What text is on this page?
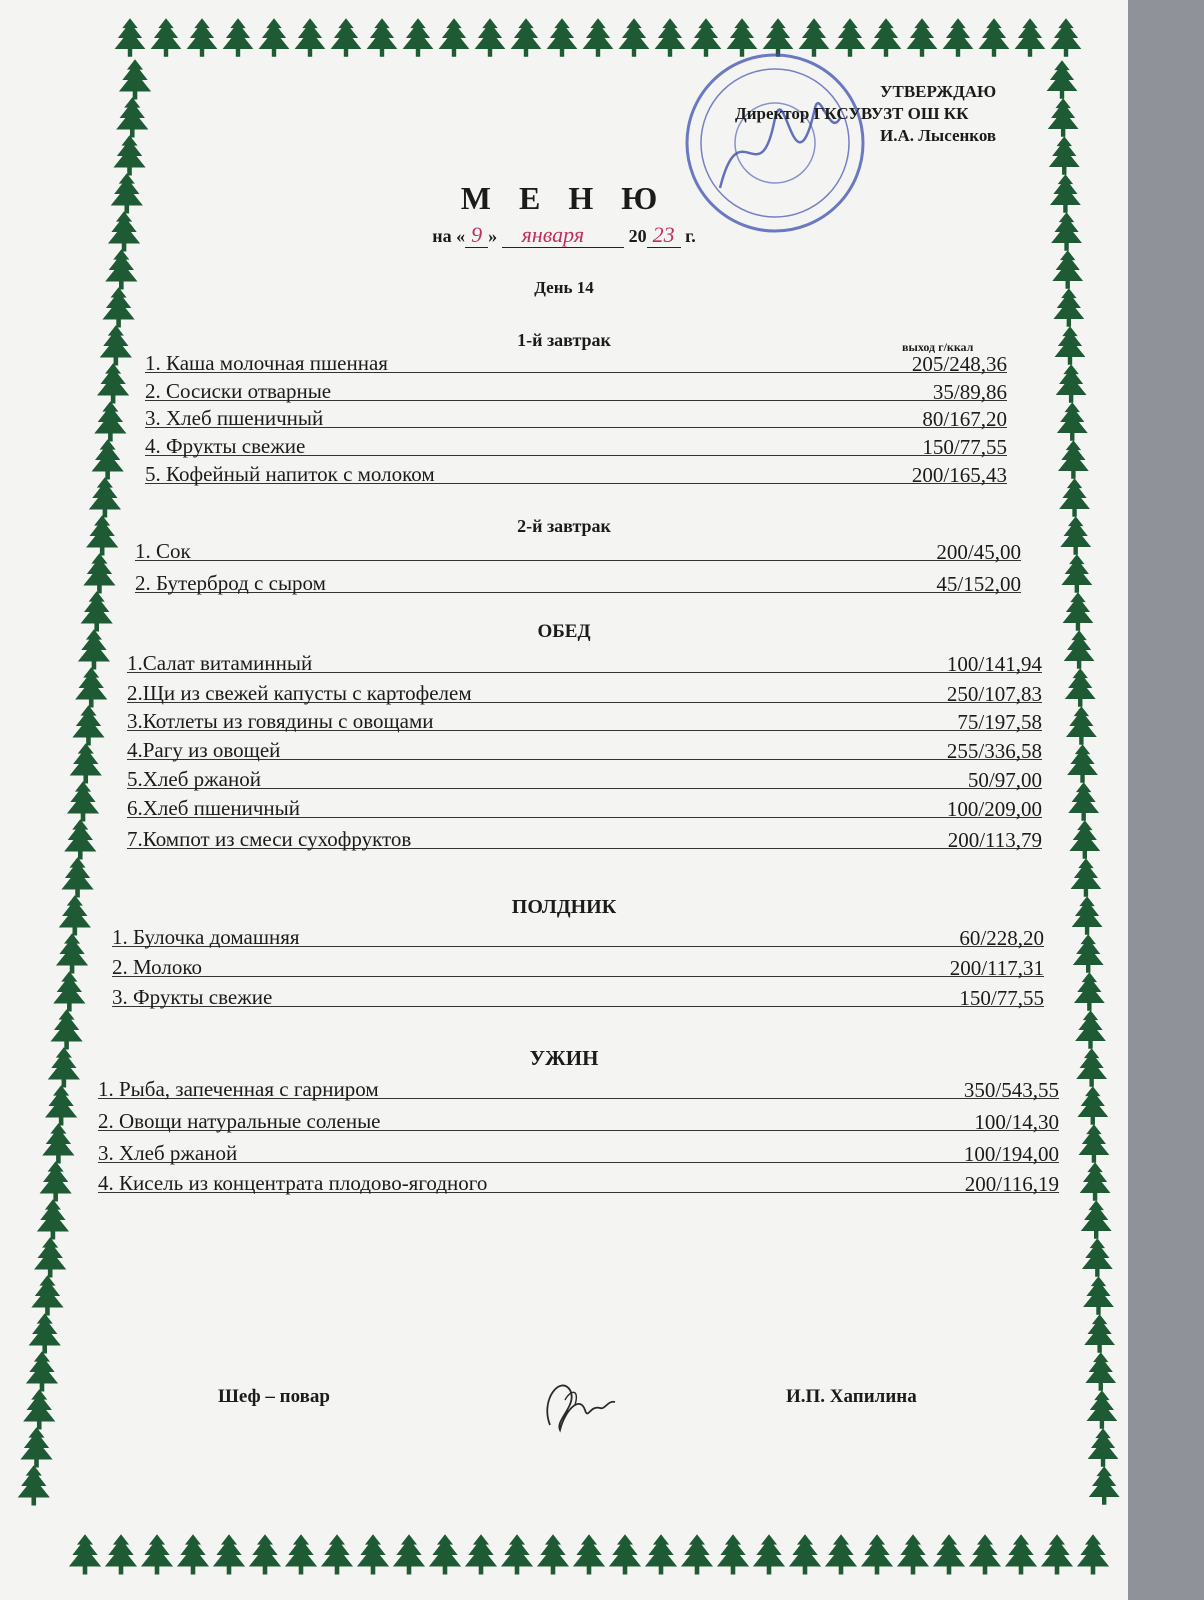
УТВЕРЖДАЮ
Директор ГКСУВУЗТ ОШ КК
И.А. Лысенков
М Е Н Ю
на « 9 » января 20 23 г.
День 14
выход г/ккал
1-й завтрак
1. Каша молочная пшенная	205/248,36
2. Сосиски отварные	35/89,86
3. Хлеб пшеничный	80/167,20
4. Фрукты свежие	150/77,55
5. Кофейный напиток с молоком	200/165,43
2-й завтрак
1. Сок	200/45,00
2. Бутерброд с сыром	45/152,00
ОБЕД
1.Салат витаминный	100/141,94
2.Щи из свежей капусты с картофелем	250/107,83
3.Котлеты из говядины с овощами	75/197,58
4.Рагу из овощей	255/336,58
5.Хлеб ржаной	50/97,00
6.Хлеб пшеничный	100/209,00
7.Компот из смеси сухофруктов	200/113,79
ПОЛДНИК
1. Булочка домашняя	60/228,20
2. Молоко	200/117,31
3. Фрукты свежие	150/77,55
УЖИН
1. Рыба, запеченная с гарниром	350/543,55
2. Овощи натуральные соленые	100/14,30
3. Хлеб ржаной	100/194,00
4. Кисель из концентрата плодово-ягодного	200/116,19
Шеф – повар	И.П. Хапилина
